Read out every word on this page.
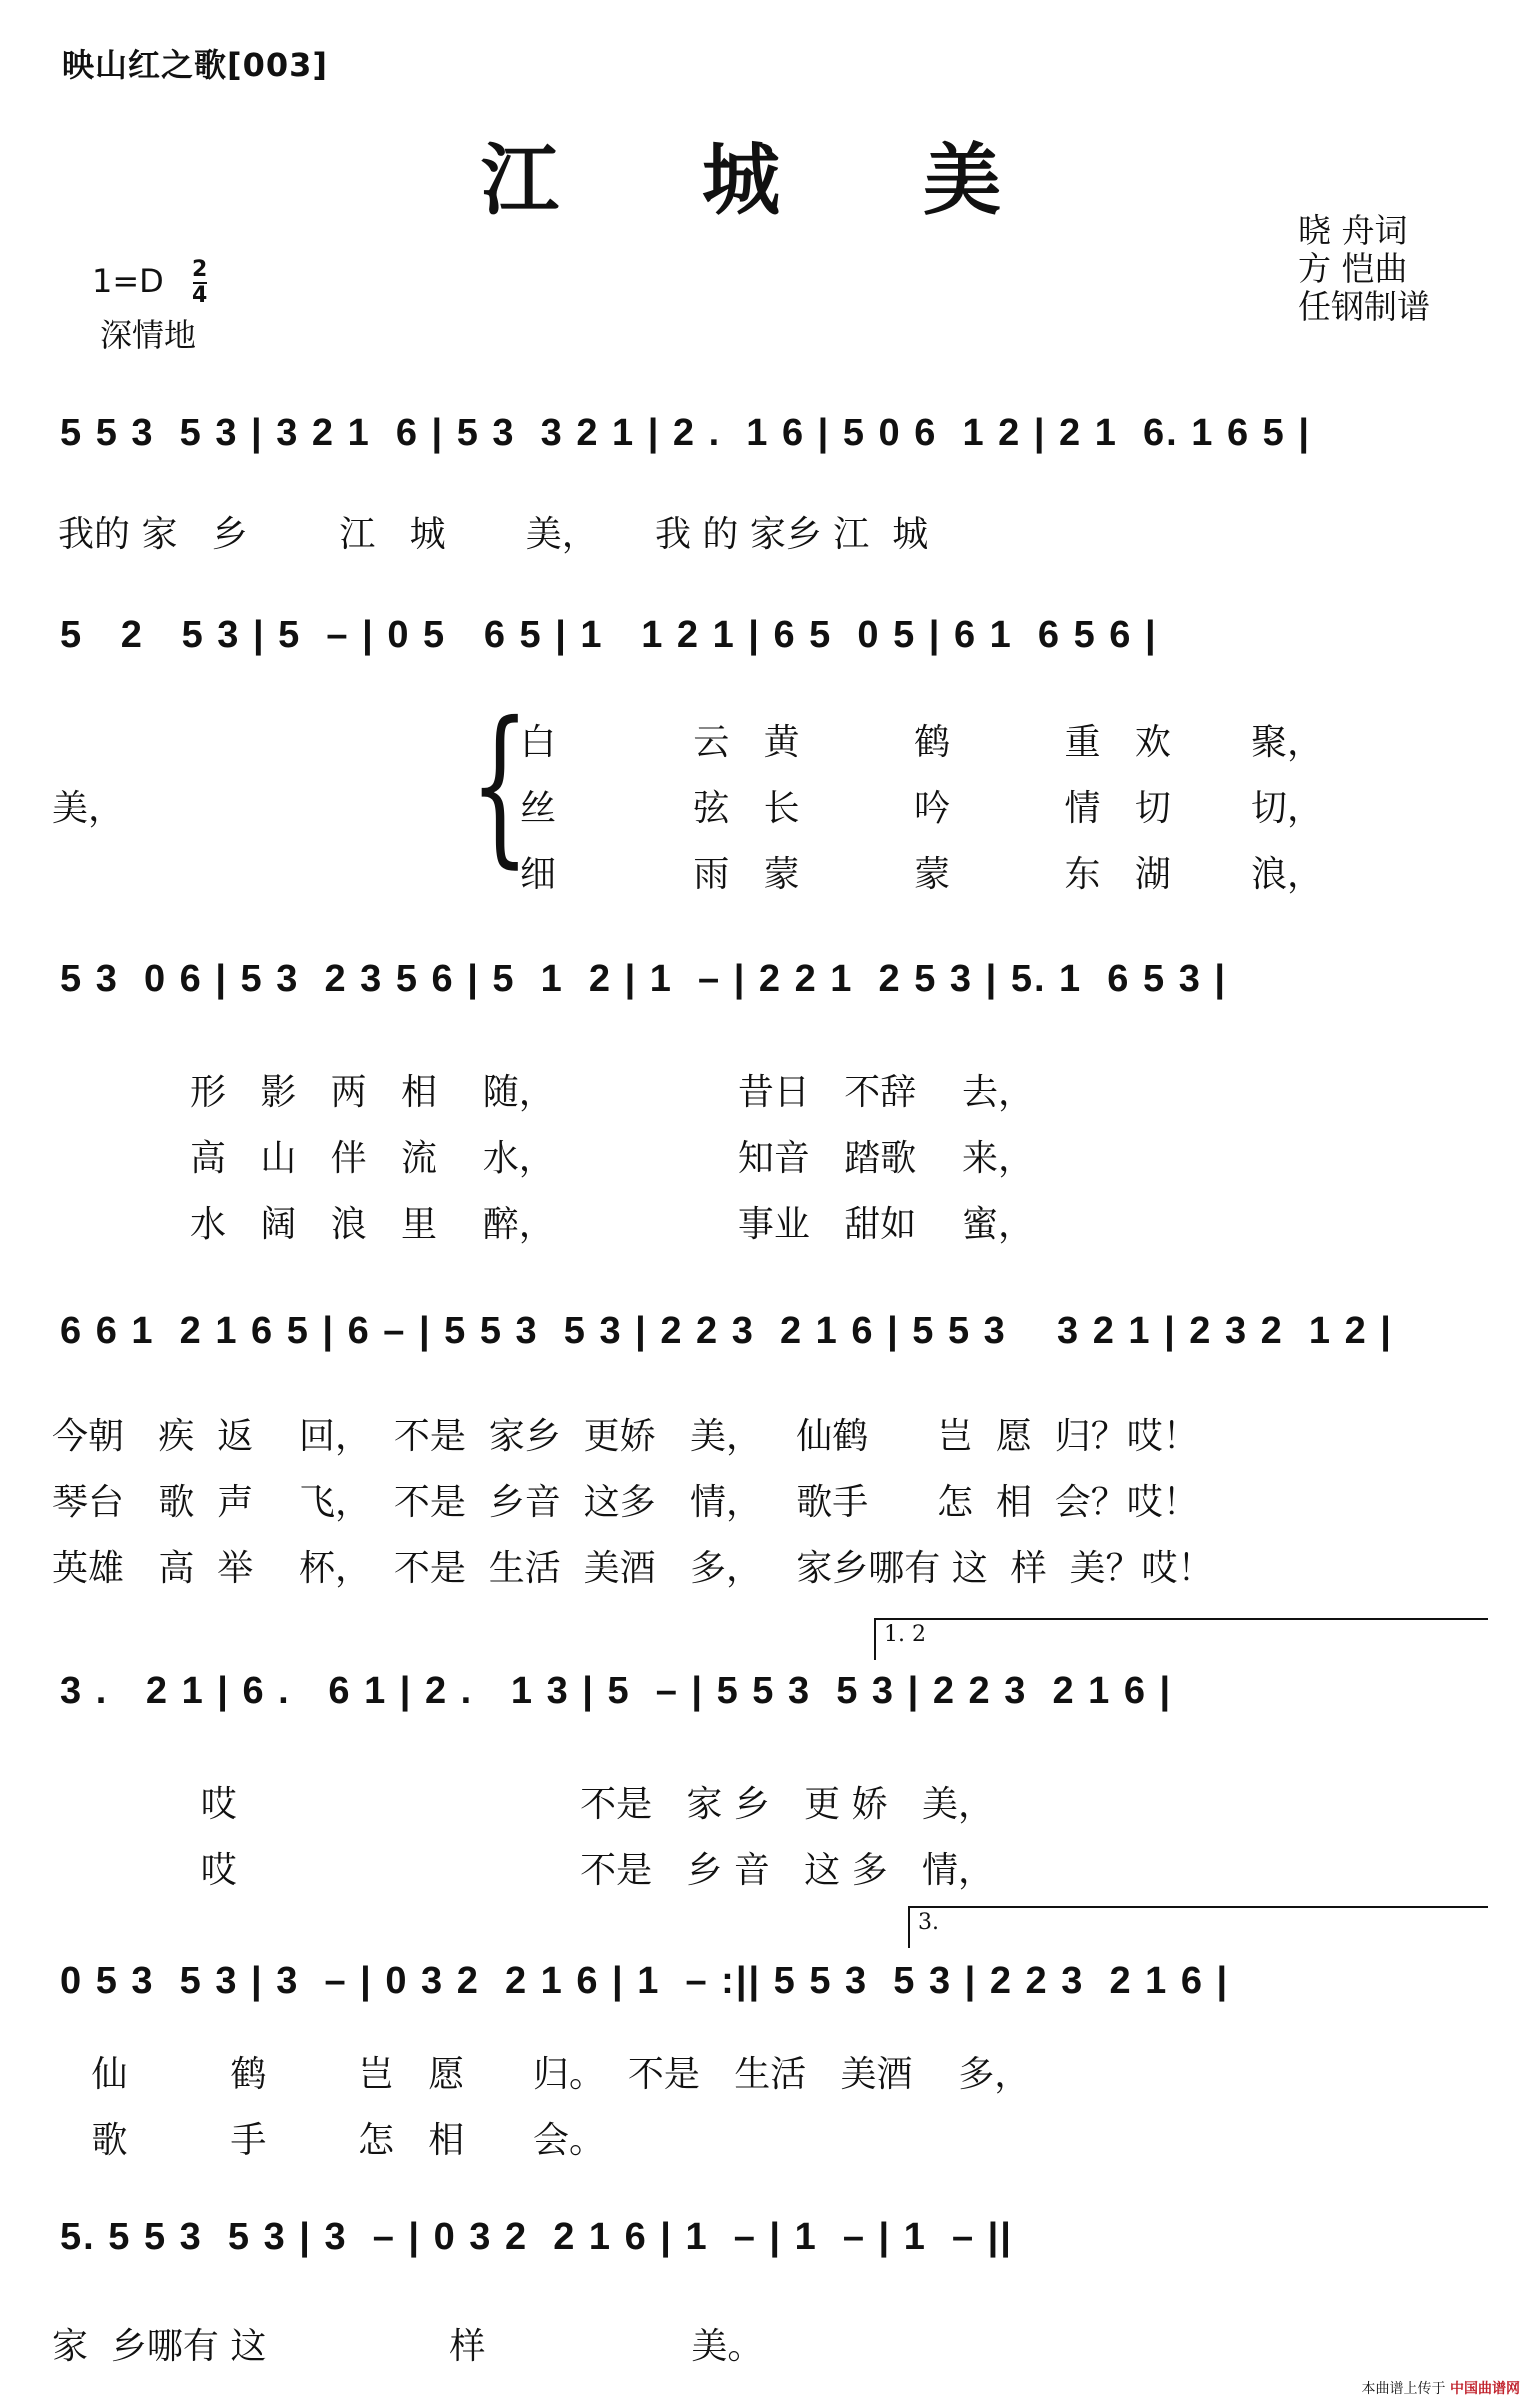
映山红之歌[003]
江 城 美
晓 舟词
方 恺曲
任钢制谱
1=D 2
4
深情地
5 5 3  5 3 | 3 2 1  6 | 5 3  3 2 1 | 2 .  1 6 | 5 0 6  1 2 | 2 1  6. 1 6 5 |
我的 家   乡        江   城       美，     我 的 家乡 江  城
5   2   5 3 | 5  – | 0 5   6 5 | 1   1 2 1 | 6 5  0 5 | 6 1  6 5 6 |
美， {
白            云   黄          鹤          重   欢       聚，
丝            弦   长          吟          情   切       切，
细            雨   蒙          蒙          东   湖       浪，
5 3  0 6 | 5 3  2 3 5 6 | 5  1  2 | 1  – | 2 2 1  2 5 3 | 5. 1  6 5 3 |
形   影   两   相    随，                昔日   不辞    去，
高   山   伴   流    水，                知音   踏歌    来，
水   阔   浪   里    醉，                事业   甜如    蜜，
6 6 1  2 1 6 5 | 6 – | 5 5 3  5 3 | 2 2 3  2 1 6 | 5 5 3    3 2 1 | 2 3 2  1 2 |
今朝   疾  返    回，  不是  家乡  更娇   美，   仙鹤      岂  愿  归？哎！
琴台   歌  声    飞，  不是  乡音  这多   情，   歌手      怎  相  会？哎！
英雄   高  举    杯，  不是  生活  美酒   多，   家乡哪有 这  样  美？哎！
1. 2
3 .   2 1 | 6 .   6 1 | 2 .   1 3 | 5  – | 5 5 3  5 3 | 2 2 3  2 1 6 |
哎                              不是   家 乡   更 娇   美，
哎                              不是   乡 音   这 多   情，
3.
0 5 3  5 3 | 3  – | 0 3 2  2 1 6 | 1  – :|| 5 5 3  5 3 | 2 2 3  2 1 6 |
仙         鹤        岂   愿      归。  不是   生活   美酒    多，
歌         手        怎   相      会。
5. 5 5 3  5 3 | 3  – | 0 3 2  2 1 6 | 1  – | 1  – | 1  – ||
家  乡哪有 这                样                  美。
本曲谱上传于 中国曲谱网
